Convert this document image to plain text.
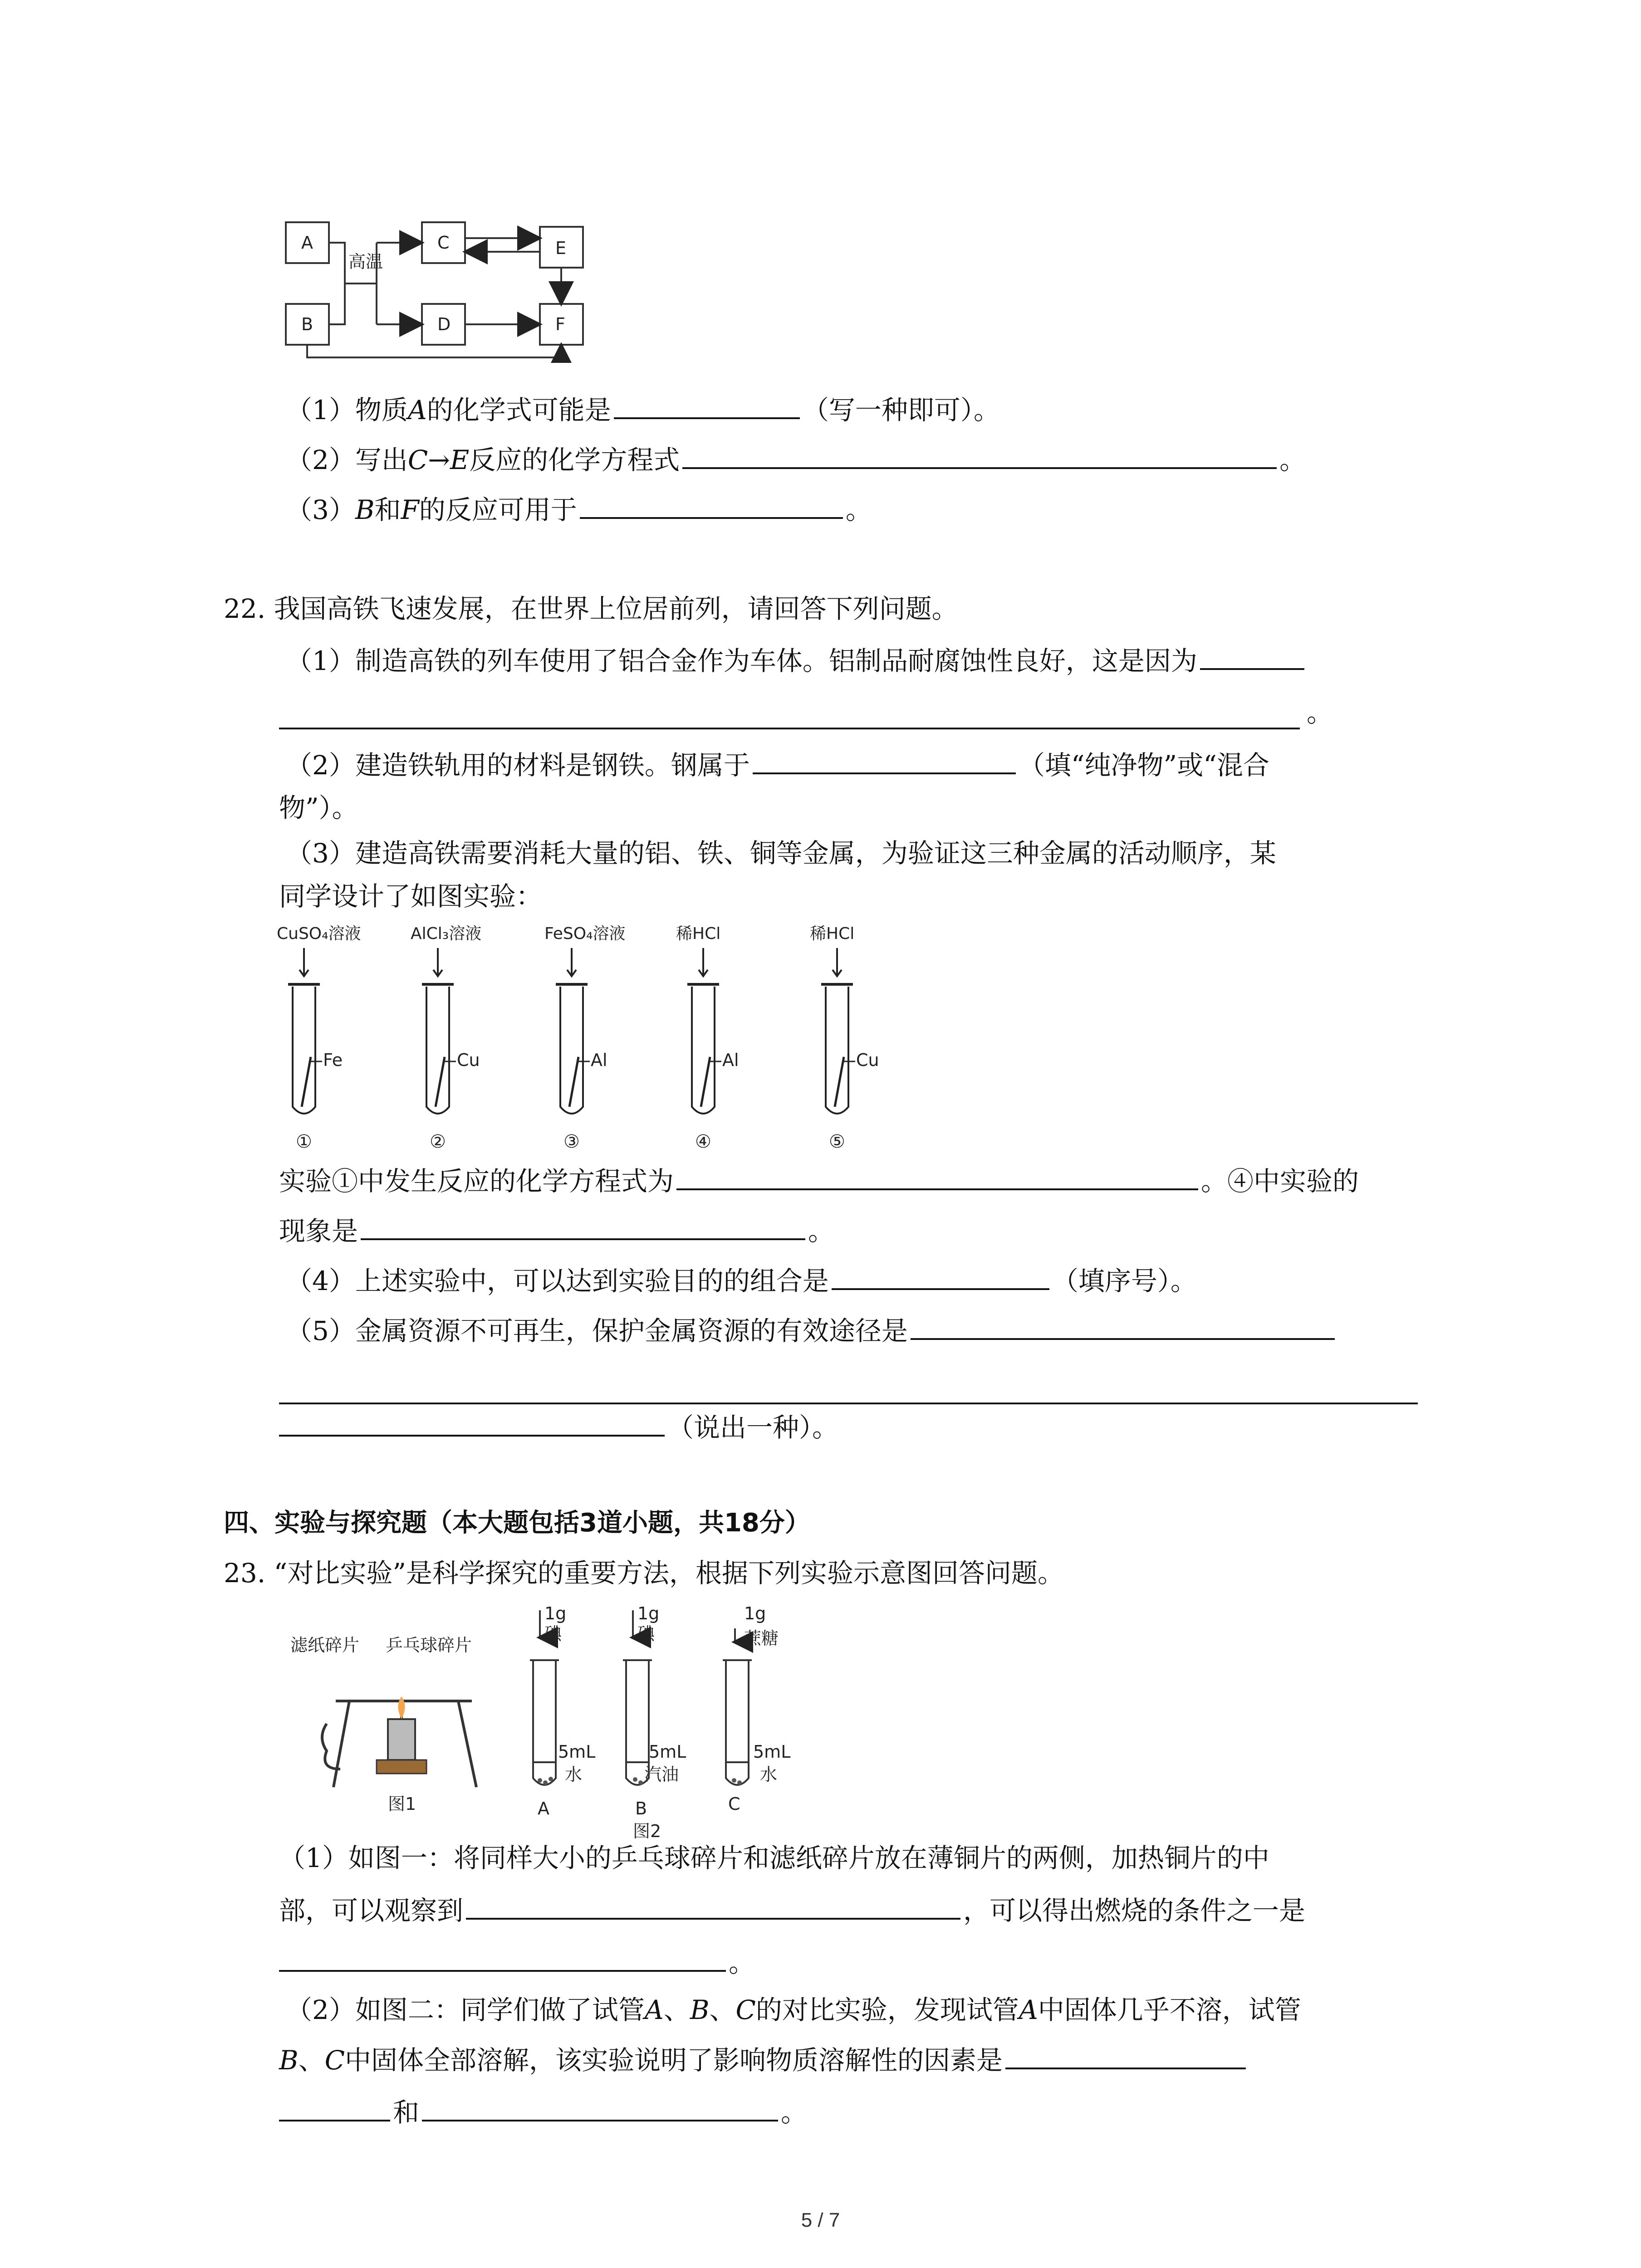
A
B
C
D
E
F
高温
（1）物质A的化学式可能是	（写一种即可）。
（2）写出C→E反应的化学方程式	。
（3）B和F的反应可用于	。
22. 我国高铁飞速发展，在世界上位居前列，请回答下列问题。
（1）制造高铁的列车使用了铝合金作为车体。铝制品耐腐蚀性良好，这是因为
。
（2）建造铁轨用的材料是钢铁。钢属于	（填“纯净物”或“混合
物”）。
（3）建造高铁需要消耗大量的铝、铁、铜等金属，为验证这三种金属的活动顺序，某
同学设计了如图实验：
CuSO₄溶液
Fe
①
AlCl₃溶液
Cu
②
FeSO₄溶液
Al
③
稀HCl
Al
④
稀HCl
Cu
⑤
实验①中发生反应的化学方程式为	。④中实验的
现象是	。
（4）上述实验中，可以达到实验目的的组合是	（填序号）。
（5）金属资源不可再生，保护金属资源的有效途径是
（说出一种）。
四、实验与探究题（本大题包括3道小题，共18分）
23. “对比实验”是科学探究的重要方法，根据下列实验示意图回答问题。
滤纸碎片 乒乓球碎片
图1
1g
碘
1g
碘
1g
蔗糖
5mL
水
5mL
汽油
5mL
水
A	B	C
图2
（1）如图一：将同样大小的乒乓球碎片和滤纸碎片放在薄铜片的两侧，加热铜片的中
部，可以观察到	，可以得出燃烧的条件之一是
。
（2）如图二：同学们做了试管A、B、C的对比实验，发现试管A中固体几乎不溶，试管
B、C中固体全部溶解，该实验说明了影响物质溶解性的因素是
和	。
5 / 7
